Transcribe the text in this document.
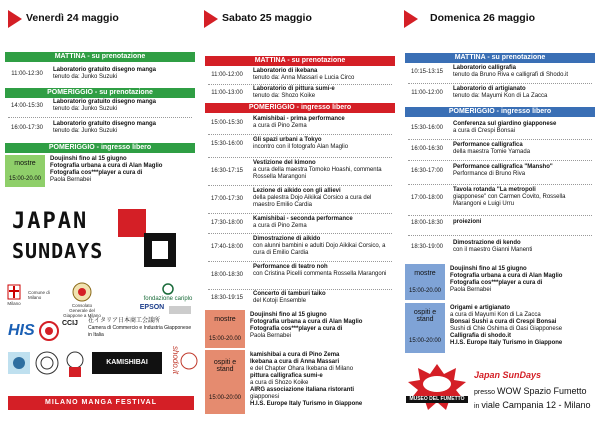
Venerdì 24 maggio
MATTINA - su prenotazione
11:00-12:30
Laboratorio gratuito disegno manga
tenuto da: Junko Suzuki
POMERIGGIO - su prenotazione
14:00-15:30
Laboratorio gratuito disegno manga
tenuto da: Junko Suzuki
16:00-17:30
Laboratorio gratuito disegno manga
tenuto da: Junko Suzuki
POMERIGGIO - ingresso libero
mostre
15:00-20.00
Doujinshi fino al 15 giugno
Fotografia urbana a cura di Alan Maglio
Fotografia cos***player a cura di
Paola Bernabei
JAPAN
SUNDAYS

Milano
Comune di Milano

Consolato Generale del Giappone a Milano

fondazione cariplo
EPSON
HIS	CCIJ 在イタリア日本商工会議所
Camera di Commercio e Industria Giapponese in Italia
KAMISHIBAI	shodo.it
MILANO MANGA FESTIVAL
Sabato 25 maggio
MATTINA - su prenotazione
11:00-12:00
Laboratorio di ikebana
tenuto da: Anna Massari e Lucia Circo
11:00-13:00
Laboratorio di pittura sumi-e
tenuto da: Shozo Koike
POMERIGGIO - ingresso libero
15:00-15:30
Kamishibai - prima performance
a cura di Pino Zema
15:30-16:00
Gli spazi urbani a Tokyo
incontro con il fotografo Alan Maglio
16:30-17:15
Vestizione del kimono
a cura della maestra Tomoko Hoashi, commenta Rossella Marangoni
17:00-17:30
Lezione di aikido con gli allievi
della palestra Dojo Aikikai Corsico a cura del maestro Emilio Cardia
17:30-18:00
Kamishibai - seconda performance
a cura di Pino Zema
17:40-18:00
Dimostrazione di aikido
con alunni bambini e adulti Dojo Aikikai Corsico, a cura di Emilio Cardia
18:00-18:30
Performance di teatro noh
con Cristina Picelli commenta Rossella Marangoni
18:30-19:15
Concerto di tamburi taiko
del Kotoji Ensemble
mostre
15:00-20.00
Doujinshi fino al 15 giugno
Fotografia urbana a cura di Alan Maglio
Fotografia cos***player a cura di
Paola Bernabei
ospiti e stand
15:00-20:00
kamishibai a cura di Pino Zema
Ikebana a cura di Anna Massari
e del Chapter Ohara Ikebana di Milano
pittura calligrafica sumi-e
a cura di Shozo Koike
AIRG associazione italiana ristoranti
giapponesi
H.I.S. Europe Italy Turismo in Giappone
Domenica 26 maggio
MATTINA - su prenotazione
10:15-13:15
Laboratorio calligrafia
tenuto da Bruno Riva e calligrafi di Shodo.it
11:00-12:00
Laboratorio di artigianato
tenuto da: Mayumi Kon di La Zacca
POMERIGGIO - ingresso libero
15:30-16:00
Conferenza sul giardino giapponese
a cura di Crespi Bonsai
16:00-16:30
Performance calligrafica
della maestra Tomie Yamada
16:30-17:00
Performance calligrafica "Mansho"
Performance di Bruno Riva
17:00-18:00
Tavola rotanda "La metropoli
giapponese" con Carmen Covito, Rossella Marangoni e Luigi Urru
18:00-18:30	proiezioni
18:30-19:00
Dimostrazione di kendo
con il maestro Gianni Manenti
mostre
15:00-20.00
Doujinshi fino al 15 giugno
Fotografia urbana a cura di Alan Maglio
Fotografia cos***player a cura di
Paola Bernabei
ospiti e stand
15:00-20:00
Origami e artigianato
a cura di Mayumi Kon di La Zacca
Bonsai Sushi a cura di Crespi Bonsai
Sushi di Chie Oshima di Oasi Giapponese
Calligrafia di shodo.it
H.I.S. Europe Italy Turismo in Giappone
MUSEO DEL FUMETTO
Japan SunDays
presso WOW Spazio Fumetto
in viale Campania 12 - Milano
